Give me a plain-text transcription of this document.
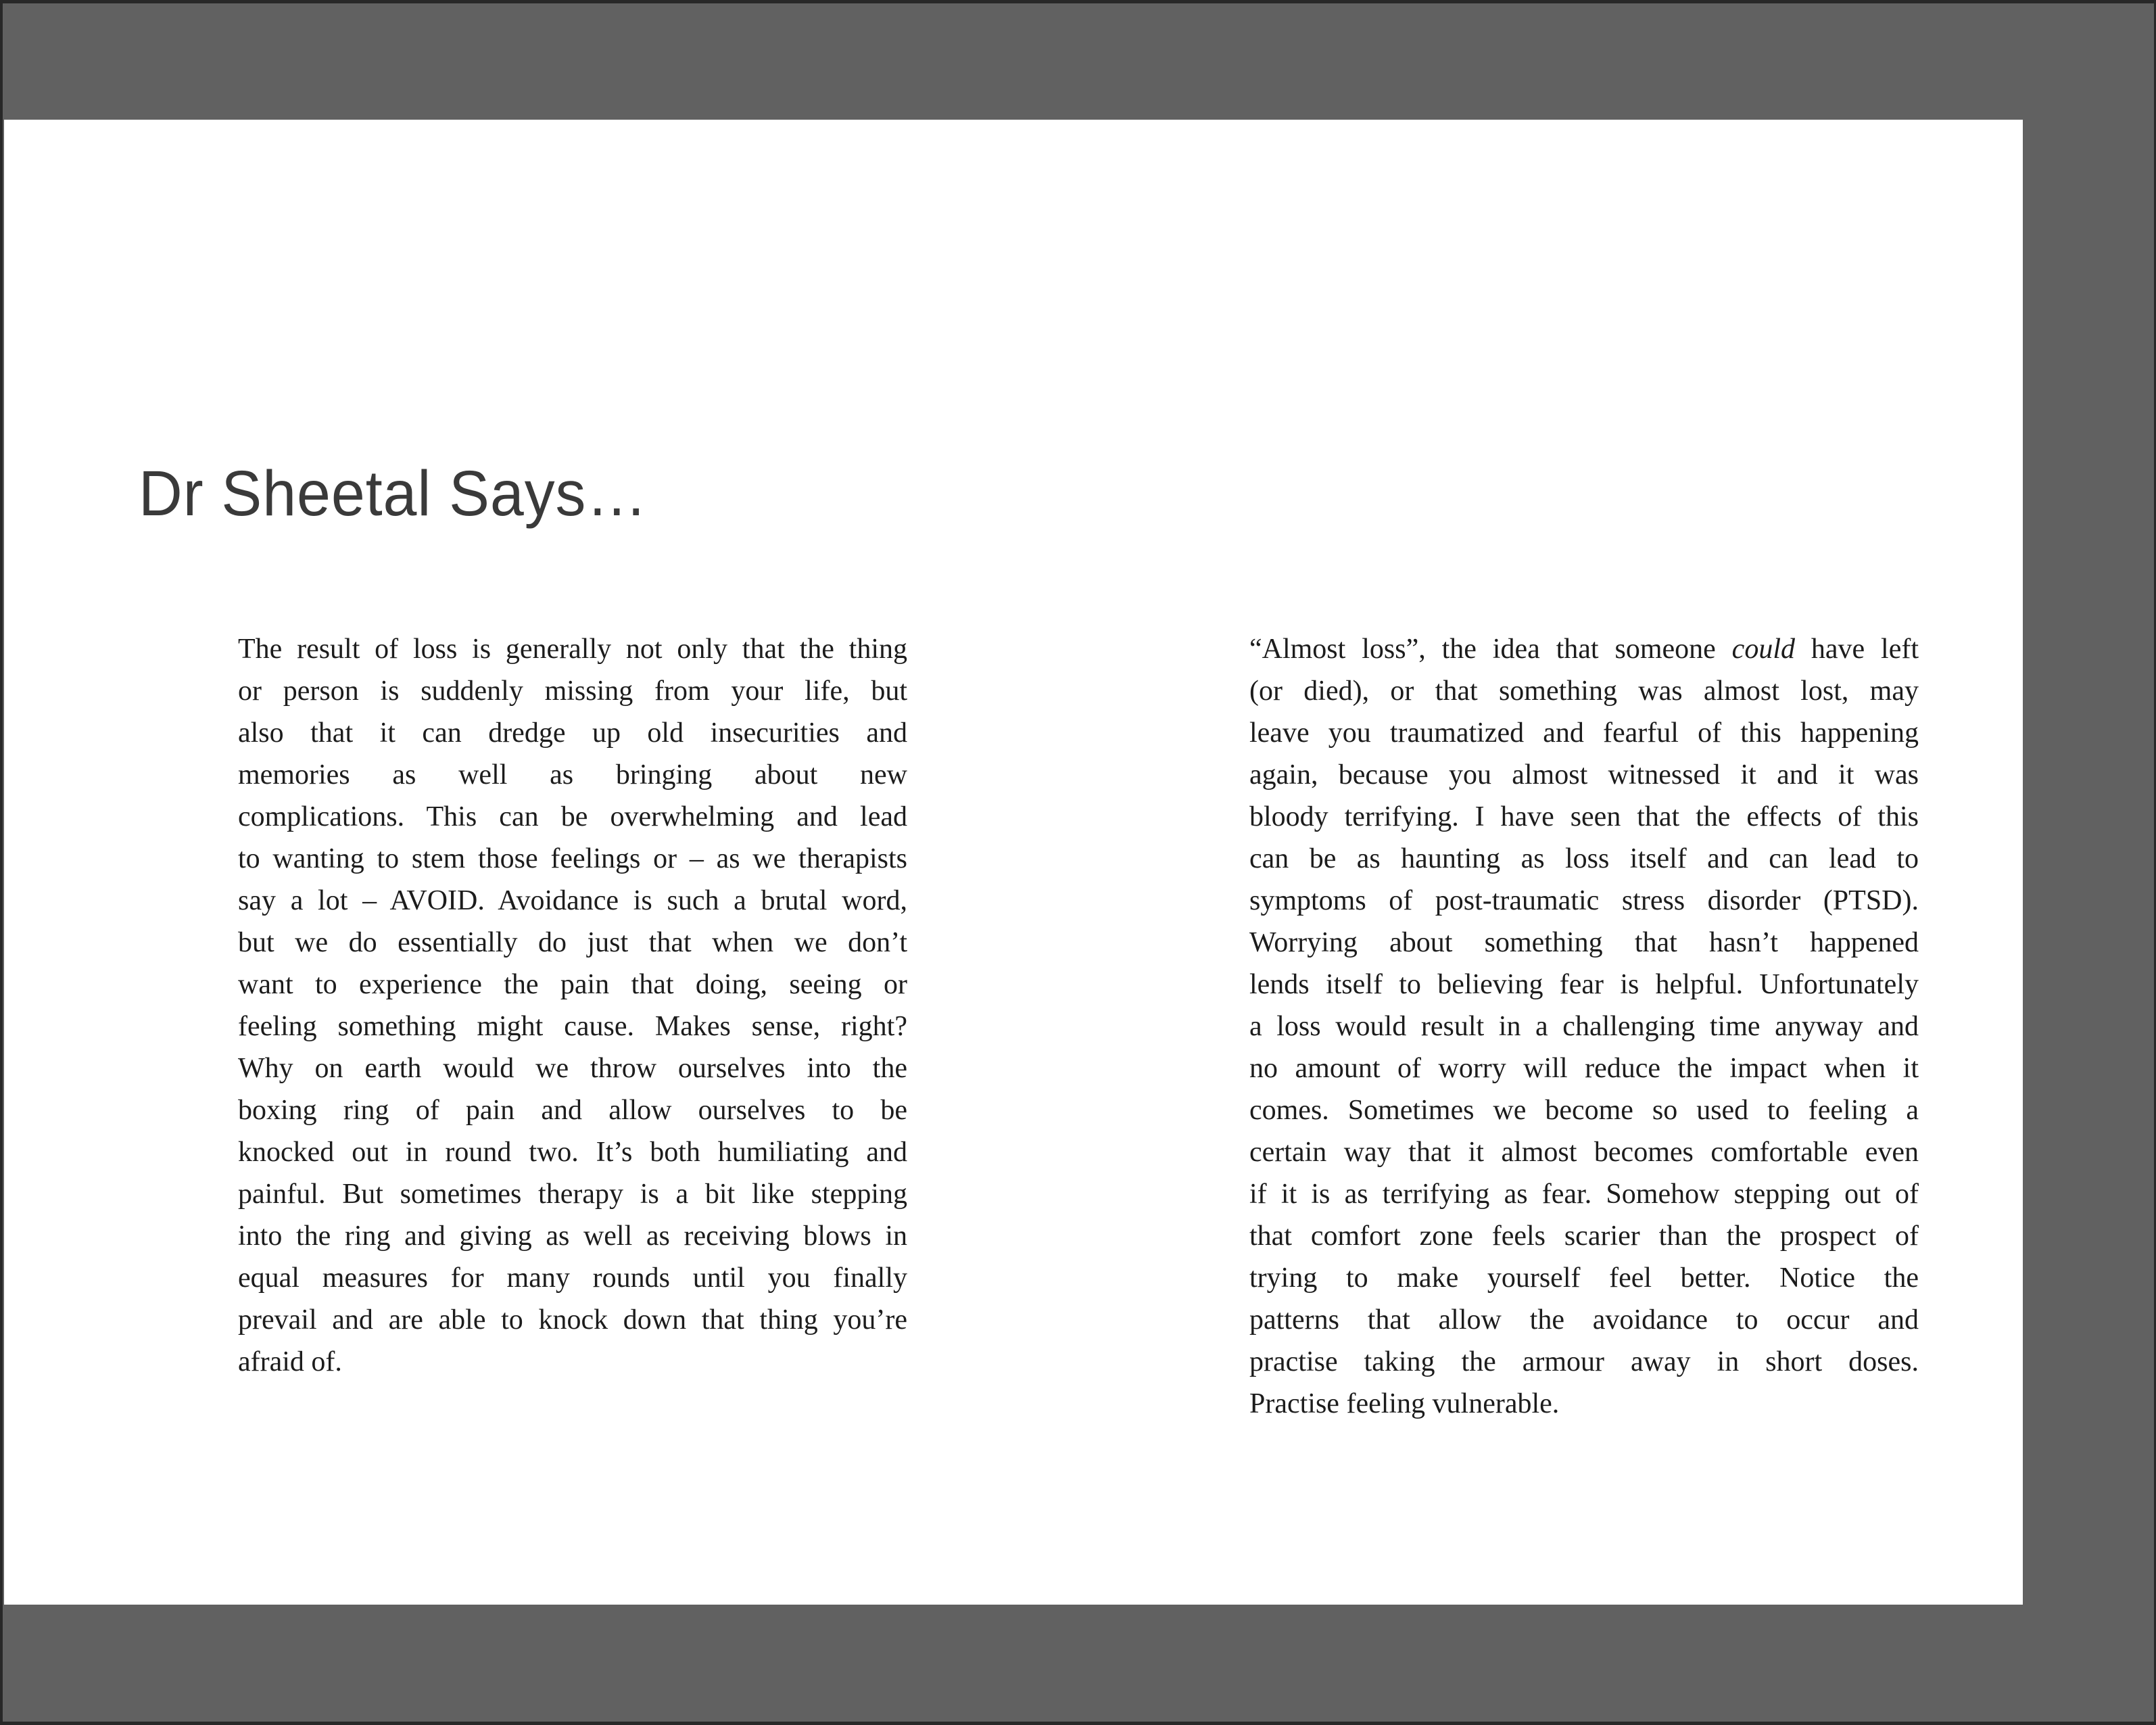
Dr Sheetal Says…
The result of loss is generally not only that the thing
or person is suddenly missing from your life, but
also that it can dredge up old insecurities and
memories as well as bringing about new
complications. This can be overwhelming and lead
to wanting to stem those feelings or – as we therapists
say a lot – AVOID. Avoidance is such a brutal word,
but we do essentially do just that when we don’t
want to experience the pain that doing, seeing or
feeling something might cause. Makes sense, right?
Why on earth would we throw ourselves into the
boxing ring of pain and allow ourselves to be
knocked out in round two. It’s both humiliating and
painful. But sometimes therapy is a bit like stepping
into the ring and giving as well as receiving blows in
equal measures for many rounds until you finally
prevail and are able to knock down that thing you’re
afraid of.
“Almost loss”, the idea that someone could have left
(or died), or that something was almost lost, may
leave you traumatized and fearful of this happening
again, because you almost witnessed it and it was
bloody terrifying. I have seen that the effects of this
can be as haunting as loss itself and can lead to
symptoms of post-traumatic stress disorder (PTSD).
Worrying about something that hasn’t happened
lends itself to believing fear is helpful. Unfortunately
a loss would result in a challenging time anyway and
no amount of worry will reduce the impact when it
comes. Sometimes we become so used to feeling a
certain way that it almost becomes comfortable even
if it is as terrifying as fear. Somehow stepping out of
that comfort zone feels scarier than the prospect of
trying to make yourself feel better. Notice the
patterns that allow the avoidance to occur and
practise taking the armour away in short doses.
Practise feeling vulnerable.
